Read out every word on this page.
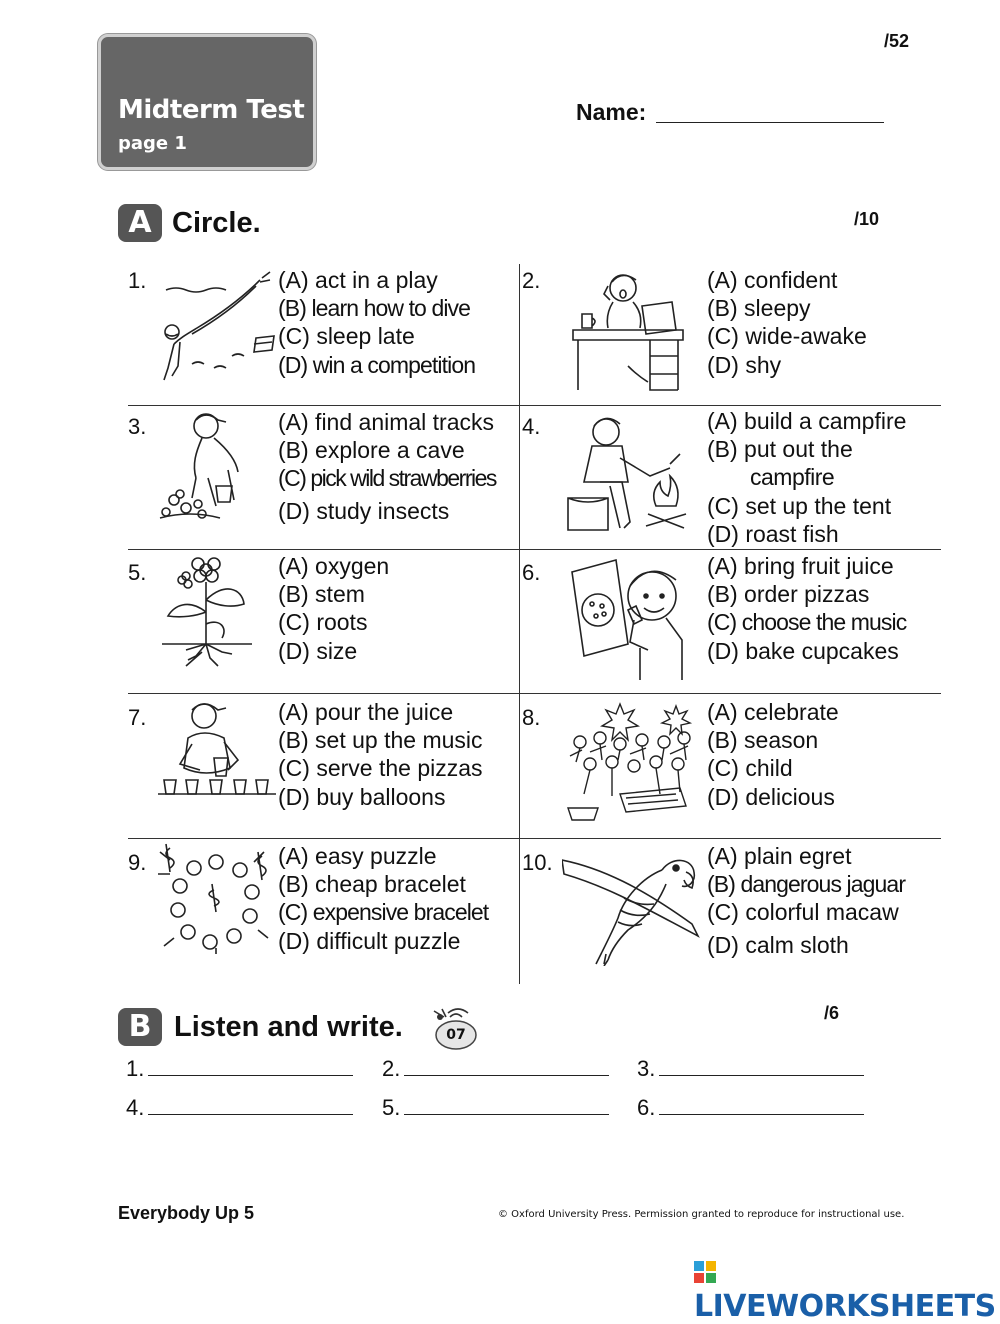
Midterm Test
page 1
/52
Name:
A Circle.	/10
1.	(A) act in a play
(B) learn how to dive
(C) sleep late
(D) win a competition
2.	(A) confident
(B) sleepy
(C) wide-awake
(D) shy
3.	(A) find animal tracks
(B) explore a cave
(C) pick wild strawberries
(D) study insects
4.	(A) build a campfire
(B) put out the
campfire
(C) set up the tent
(D) roast fish
5.	(A) oxygen
(B) stem
(C) roots
(D) size
6.	(A) bring fruit juice
(B) order pizzas
(C) choose the music
(D) bake cupcakes
7.	(A) pour the juice
(B) set up the music
(C) serve the pizzas
(D) buy balloons
8.	(A) celebrate
(B) season
(C) child
(D) delicious
9.	(A) easy puzzle
(B) cheap bracelet
(C) expensive bracelet
(D) difficult puzzle
10.	(A) plain egret
(B) dangerous jaguar
(C) colorful macaw
(D) calm sloth
B Listen and write.	/6
07
1.	2.	3.
4.	5.	6.
Everybody Up 5	© Oxford University Press. Permission granted to reproduce for instructional use.
LIVEWORKSHEETS
